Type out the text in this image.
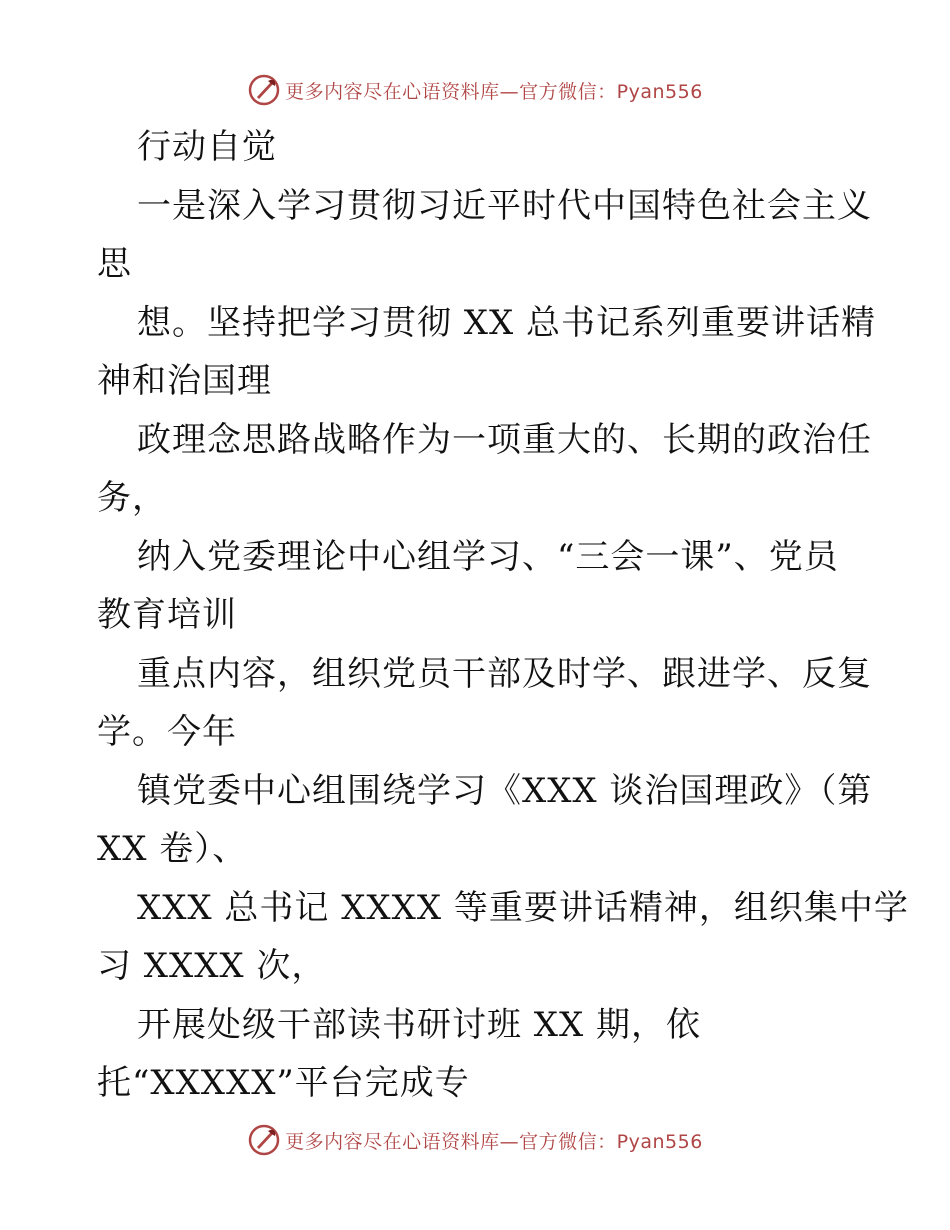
更多内容尽在心语资料库—官方微信：Pyan556
行动自觉
一是深入学习贯彻习近平时代中国特色社会主义
思
想。坚持把学习贯彻 XX 总书记系列重要讲话精
神和治国理
政理念思路战略作为一项重大的、长期的政治任
务，
纳入党委理论中心组学习、“三会一课”、党员
教育培训
重点内容，组织党员干部及时学、跟进学、反复
学。今年
镇党委中心组围绕学习《XXX 谈治国理政》（第
XX 卷）、
XXX 总书记 XXXX 等重要讲话精神，组织集中学
习 XXXX 次，
开展处级干部读书研讨班 XX 期，依
托“XXXXX”平台完成专
更多内容尽在心语资料库—官方微信：Pyan556
